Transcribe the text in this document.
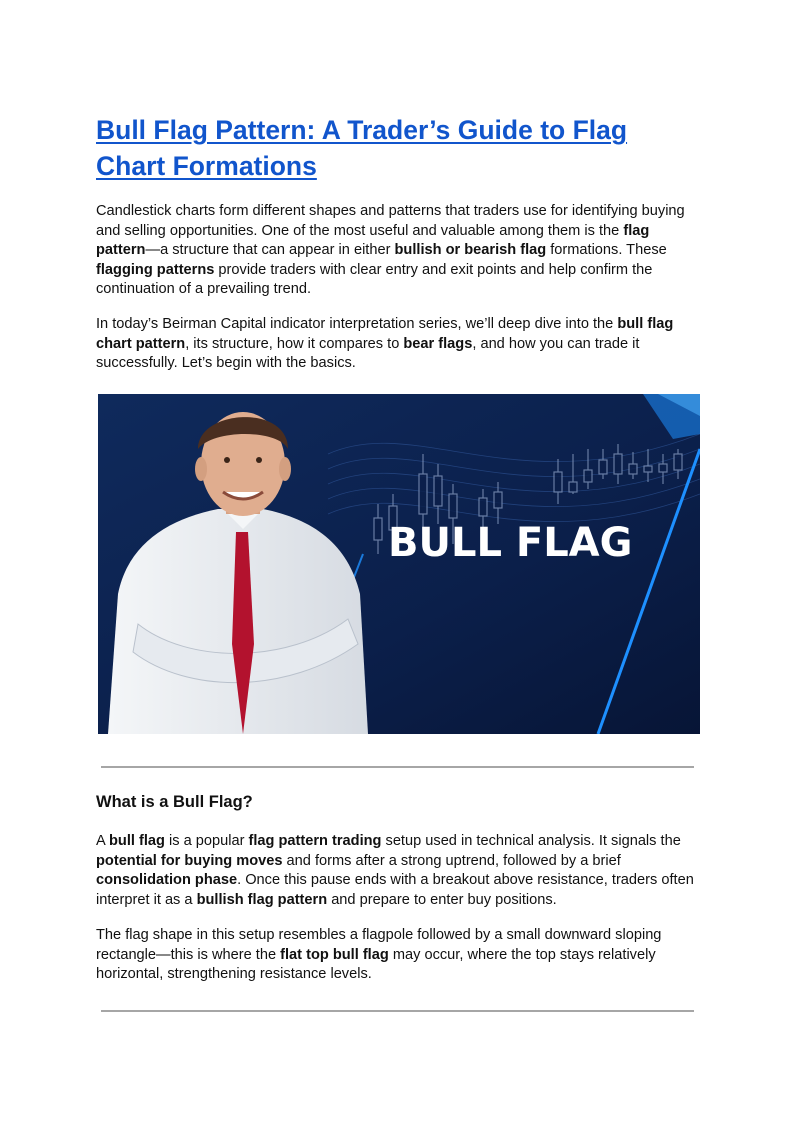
Bull Flag Pattern: A Trader’s Guide to Flag
Chart Formations

Candlestick charts form different shapes and patterns that traders use for identifying buying and selling opportunities. One of the most useful and valuable among them is the flag pattern—a structure that can appear in either bullish or bearish flag formations. These flagging patterns provide traders with clear entry and exit points and help confirm the continuation of a prevailing trend.

In today’s Beirman Capital indicator interpretation series, we’ll deep dive into the bull flag chart pattern, its structure, how it compares to bear flags, and how you can trade it successfully. Let’s begin with the basics.

BULL FLAG
What is a Bull Flag?

A bull flag is a popular flag pattern trading setup used in technical analysis. It signals the potential for buying moves and forms after a strong uptrend, followed by a brief consolidation phase. Once this pause ends with a breakout above resistance, traders often interpret it as a bullish flag pattern and prepare to enter buy positions.

The flag shape in this setup resembles a flagpole followed by a small downward sloping rectangle—this is where the flat top bull flag may occur, where the top stays relatively horizontal, strengthening resistance levels.
